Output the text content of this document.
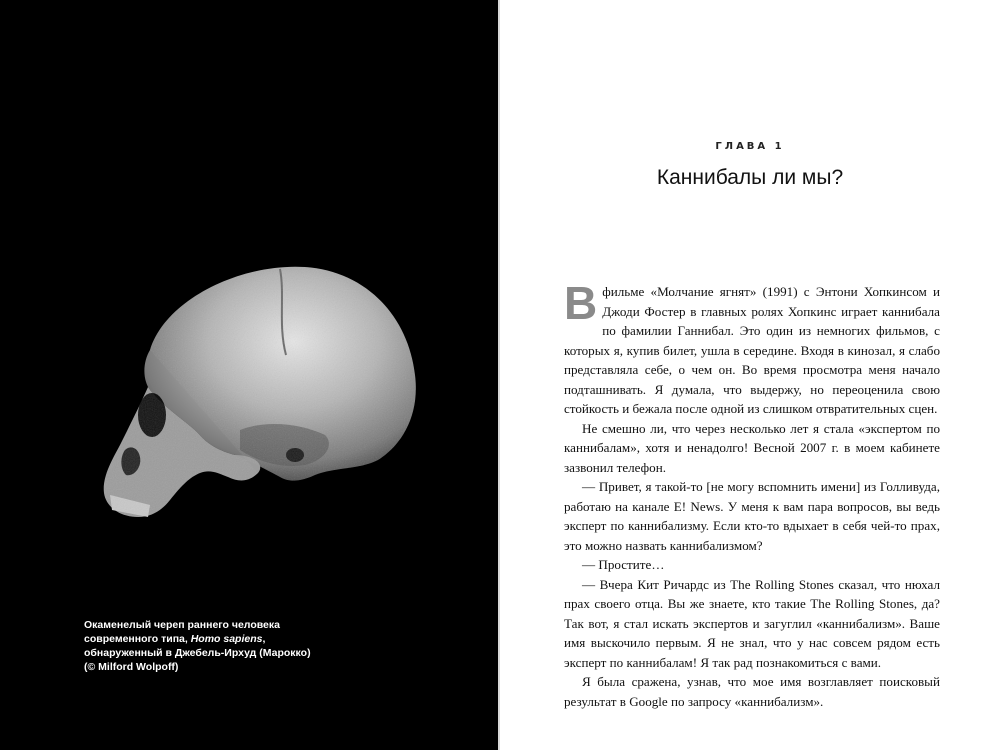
Окаменелый череп раннего человека современного типа, Homo sapiens, обнаруженный в Джебель-Ирхуд (Марокко)
(© Milford Wolpoff)
ГЛАВА 1
Каннибалы ли мы?

В фильме «Молчание ягнят» (1991) с Энтони Хопкинсом и Джоди Фостер в главных ролях Хопкинс играет каннибала по фамилии Ганнибал. Это один из немногих фильмов, с которых я, купив билет, ушла в середине. Входя в кинозал, я слабо представляла себе, о чем он. Во время просмотра меня начало подташнивать. Я думала, что выдержу, но переоценила свою стойкость и бежала после одной из слишком отвратительных сцен.

Не смешно ли, что через несколько лет я стала «экспертом по каннибалам», хотя и ненадолго! Весной 2007 г. в моем кабинете зазвонил телефон.

— Привет, я такой-то [не могу вспомнить имени] из Голливуда, работаю на канале E! News. У меня к вам пара вопросов, вы ведь эксперт по каннибализму. Если кто-то вдыхает в себя чей-то прах, это можно назвать каннибализмом?

— Простите…

— Вчера Кит Ричардс из The Rolling Stones сказал, что нюхал прах своего отца. Вы же знаете, кто такие The Rolling Stones, да? Так вот, я стал искать экспертов и загуглил «каннибализм». Ваше имя выскочило первым. Я не знал, что у нас совсем рядом есть эксперт по каннибалам! Я так рад познакомиться с вами.

Я была сражена, узнав, что мое имя возглавляет поисковый результат в Google по запросу «каннибализм».
